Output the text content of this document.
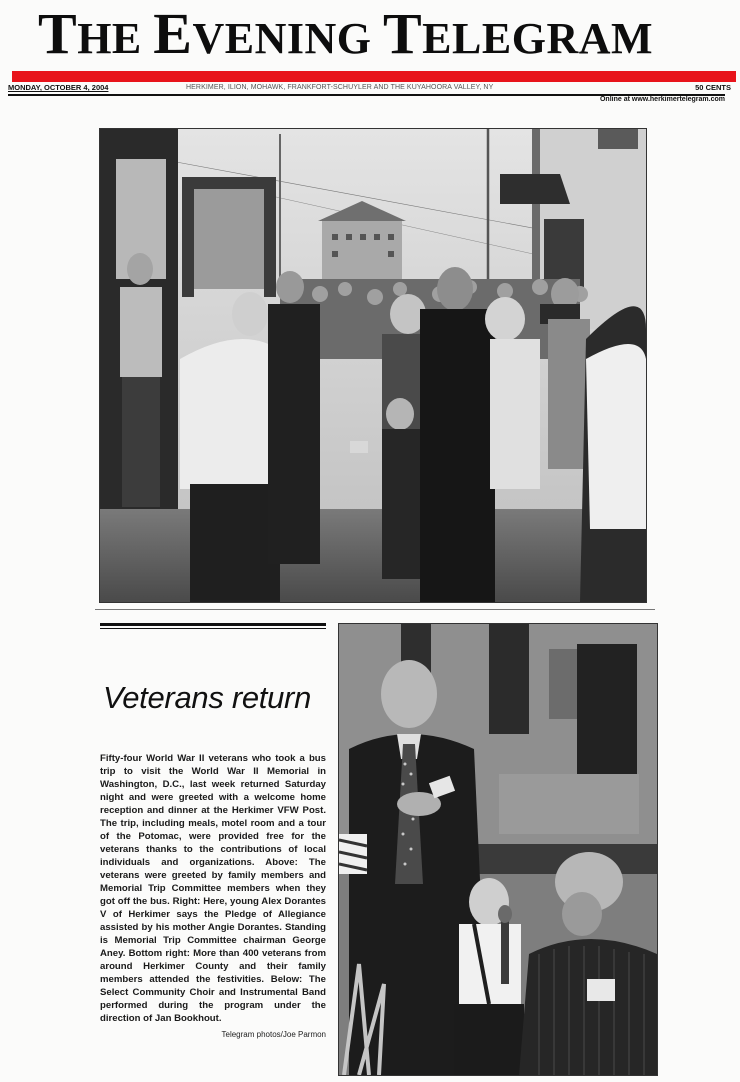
THE EVENING TELEGRAM
MONDAY, OCTOBER 4, 2004	HERKIMER, ILION, MOHAWK, FRANKFORT-SCHUYLER AND THE KUYAHOORA VALLEY, NY	50 CENTS
Online at www.herkimertelegram.com
Veterans return
Fifty-four World War II veterans who took a bus trip to visit the World War II Memorial in Washington, D.C., last week returned Saturday night and were greeted with a welcome home reception and dinner at the Herkimer VFW Post. The trip, including meals, motel room and a tour of the Potomac, were provided free for the veterans thanks to the contributions of local individuals and organizations. Above: The veterans were greeted by family members and Memorial Trip Committee members when they got off the bus. Right: Here, young Alex Dorantes V of Herkimer says the Pledge of Allegiance assisted by his mother Angie Dorantes. Standing is Memorial Trip Committee chairman George Aney. Bottom right: More than 400 veterans from around Herkimer County and their family members attended the festivities. Below: The Select Community Choir and Instrumental Band performed during the program under the direction of Jan Bookhout.
Telegram photos/Joe Parmon
